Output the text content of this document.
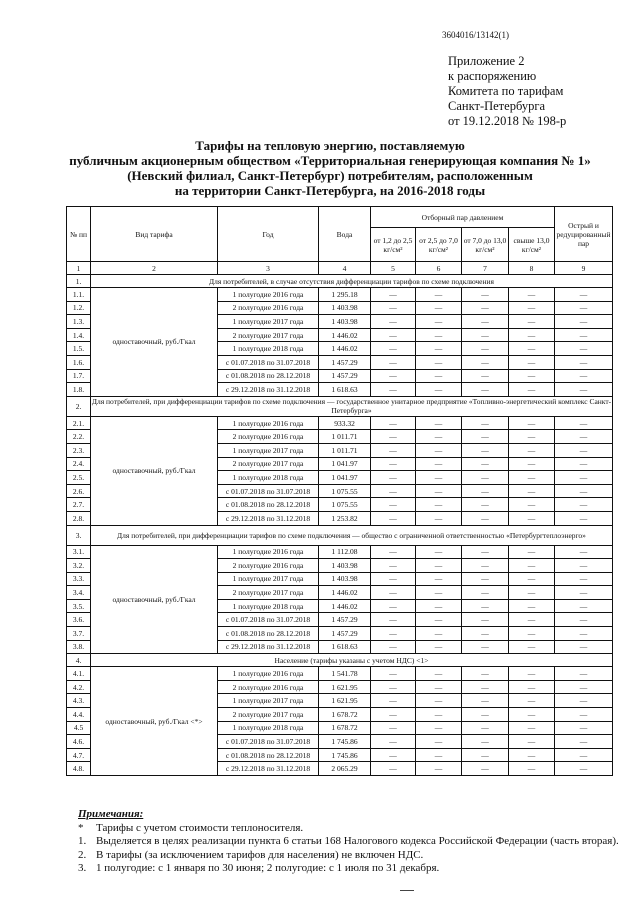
3604016/13142(1)
Приложение 2
к распоряжению
Комитета по тарифам
Санкт-Петербурга
от 19.12.2018 № 198-р
Тарифы на тепловую энергию, поставляемую
публичным акционерным обществом «Территориальная генерирующая компания № 1»
(Невский филиал, Санкт-Петербург) потребителям, расположенным
на территории Санкт-Петербурга, на 2016-2018 годы
№ пп	Вид тарифа	Год	Вода	Отборный пар давлением				Острый и редуцированный пар
				от 1,2 до 2,5 кг/см²	от 2,5 до 7,0 кг/см²	от 7,0 до 13,0 кг/см²	свыше 13,0 кг/см²	
1	2	3	4	5	6	7	8	9
1.	Для потребителей, в случае отсутствия дифференциации тарифов по схеме подключения							
1.1.	одноставочный, руб./Гкал	1 полугодие 2016 года	1 295.18	—	—	—	—	—
1.2.		2 полугодие 2016 года	1 403.98	—	—	—	—	—
1.3.		1 полугодие 2017 года	1 403.98	—	—	—	—	—
1.4.		2 полугодие 2017 года	1 446.02	—	—	—	—	—
1.5.		1 полугодие 2018 года	1 446.02	—	—	—	—	—
1.6.		с 01.07.2018 по 31.07.2018	1 457.29	—	—	—	—	—
1.7.		с 01.08.2018 по 28.12.2018	1 457.29	—	—	—	—	—
1.8.		с 29.12.2018 по 31.12.2018	1 618.63	—	—	—	—	—
2.	Для потребителей, при дифференциации тарифов по схеме подключения — государственное унитарное предприятие «Топливно-энергетический комплекс Санкт-Петербурга»							
2.1.	одноставочный, руб./Гкал	1 полугодие 2016 года	933.32	—	—	—	—	—
2.2.		2 полугодие 2016 года	1 011.71	—	—	—	—	—
2.3.		1 полугодие 2017 года	1 011.71	—	—	—	—	—
2.4.		2 полугодие 2017 года	1 041.97	—	—	—	—	—
2.5.		1 полугодие 2018 года	1 041.97	—	—	—	—	—
2.6.		с 01.07.2018 по 31.07.2018	1 075.55	—	—	—	—	—
2.7.		с 01.08.2018 по 28.12.2018	1 075.55	—	—	—	—	—
2.8.		с 29.12.2018 по 31.12.2018	1 253.82	—	—	—	—	—
3.	Для потребителей, при дифференциации тарифов по схеме подключения — общество с ограниченной ответственностью «Петербургтеплоэнерго»							
3.1.	одноставочный, руб./Гкал	1 полугодие 2016 года	1 112.08	—	—	—	—	—
3.2.		2 полугодие 2016 года	1 403.98	—	—	—	—	—
3.3.		1 полугодие 2017 года	1 403.98	—	—	—	—	—
3.4.		2 полугодие 2017 года	1 446.02	—	—	—	—	—
3.5.		1 полугодие 2018 года	1 446.02	—	—	—	—	—
3.6.		с 01.07.2018 по 31.07.2018	1 457.29	—	—	—	—	—
3.7.		с 01.08.2018 по 28.12.2018	1 457.29	—	—	—	—	—
3.8.		с 29.12.2018 по 31.12.2018	1 618.63	—	—	—	—	—
4.	Население (тарифы указаны с учетом НДС) <1>							
4.1.	одноставочный, руб./Гкал <*>	1 полугодие 2016 года	1 541.78	—	—	—	—	—
4.2.		2 полугодие 2016 года	1 621.95	—	—	—	—	—
4.3.		1 полугодие 2017 года	1 621.95	—	—	—	—	—
4.4.		2 полугодие 2017 года	1 678.72	—	—	—	—	—
4.5		1 полугодие 2018 года	1 678.72	—	—	—	—	—
4.6.		с 01.07.2018 по 31.07.2018	1 745.86	—	—	—	—	—
4.7.		с 01.08.2018 по 28.12.2018	1 745.86	—	—	—	—	—
4.8.		с 29.12.2018 по 31.12.2018	2 065.29	—	—	—	—	—
Примечания:
* Тарифы с учетом стоимости теплоносителя.
1. Выделяется в целях реализации пункта 6 статьи 168 Налогового кодекса Российской Федерации (часть вторая).
2. В тарифы (за исключением тарифов для населения) не включен НДС.
3. 1 полугодие: с 1 января по 30 июня; 2 полугодие: с 1 июля по 31 декабря.
